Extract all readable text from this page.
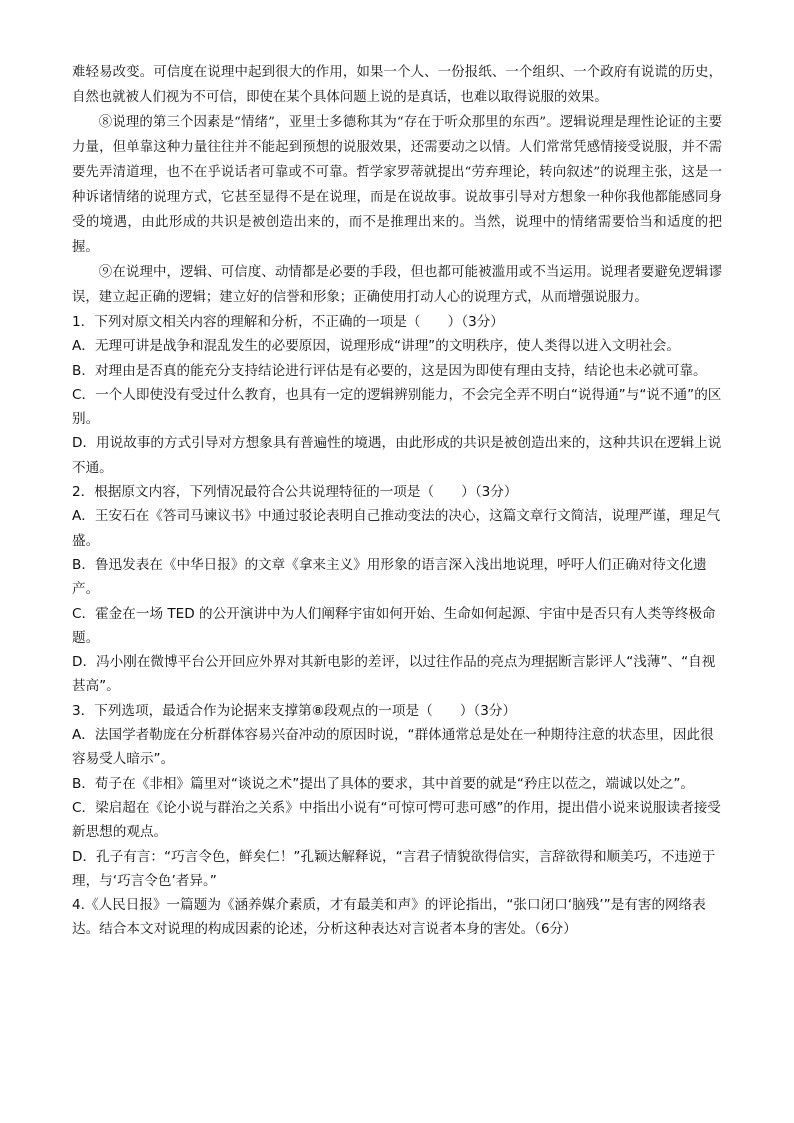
难轻易改变。可信度在说理中起到很大的作用，如果一个人、一份报纸、一个组织、一个政府有说谎的历史，自然也就被人们视为不可信，即使在某个具体问题上说的是真话，也难以取得说服的效果。

⑧说理的第三个因素是“情绪”，亚里士多德称其为“存在于听众那里的东西”。逻辑说理是理性论证的主要力量，但单靠这种力量往往并不能起到预想的说服效果，还需要动之以情。人们常常凭感情接受说服，并不需要先弄清道理，也不在乎说话者可靠或不可靠。哲学家罗蒂就提出“劳弃理论，转向叙述”的说理主张，这是一种诉诸情绪的说理方式，它甚至显得不是在说理，而是在说故事。说故事引导对方想象一种你我他都能感同身受的境遇，由此形成的共识是被创造出来的，而不是推理出来的。当然，说理中的情绪需要恰当和适度的把握。

⑨在说理中，逻辑、可信度、动情都是必要的手段，但也都可能被滥用或不当运用。说理者要避免逻辑谬误，建立起正确的逻辑；建立好的信誉和形象；正确使用打动人心的说理方式，从而增强说服力。

1．下列对原文相关内容的理解和分析，不正确的一项是（　　）（3分）

A．无理可讲是战争和混乱发生的必要原因，说理形成“讲理”的文明秩序，使人类得以进入文明社会。

B．对理由是否真的能充分支持结论进行评估是有必要的，这是因为即使有理由支持，结论也未必就可靠。

C．一个人即使没有受过什么教育，也具有一定的逻辑辨别能力，不会完全弄不明白“说得通”与“说不通”的区别。

D．用说故事的方式引导对方想象具有普遍性的境遇，由此形成的共识是被创造出来的，这种共识在逻辑上说不通。

2．根据原文内容，下列情况最符合公共说理特征的一项是（　　）（3分）

A．王安石在《答司马谏议书》中通过驳论表明自己推动变法的决心，这篇文章行文简洁，说理严谨，理足气盛。

B．鲁迅发表在《中华日报》的文章《拿来主义》用形象的语言深入浅出地说理，呼吁人们正确对待文化遗产。

C．霍金在一场 TED 的公开演讲中为人们阐释宇宙如何开始、生命如何起源、宇宙中是否只有人类等终极命题。

D．冯小刚在微博平台公开回应外界对其新电影的差评，以过往作品的亮点为理据断言影评人“浅薄”、“自视甚高”。

3．下列选项，最适合作为论据来支撑第⑧段观点的一项是（　　）（3分）

A．法国学者勒庞在分析群体容易兴奋冲动的原因时说，“群体通常总是处在一种期待注意的状态里，因此很容易受人暗示”。

B．荀子在《非相》篇里对“谈说之术”提出了具体的要求，其中首要的就是“矜庄以莅之，端诚以处之”。

C．梁启超在《论小说与群治之关系》中指出小说有“可惊可愕可悲可感”的作用，提出借小说来说服读者接受新思想的观点。

D．孔子有言：“巧言令色，鲜矣仁！”孔颖达解释说，“言君子情貌欲得信实，言辞欲得和顺美巧，不违逆于理，与‘巧言令色’者异。”

4.《人民日报》一篇题为《涵养媒介素质，才有最美和声》的评论指出，“张口闭口‘脑残’”是有害的网络表达。结合本文对说理的构成因素的论述，分析这种表达对言说者本身的害处。（6分）
